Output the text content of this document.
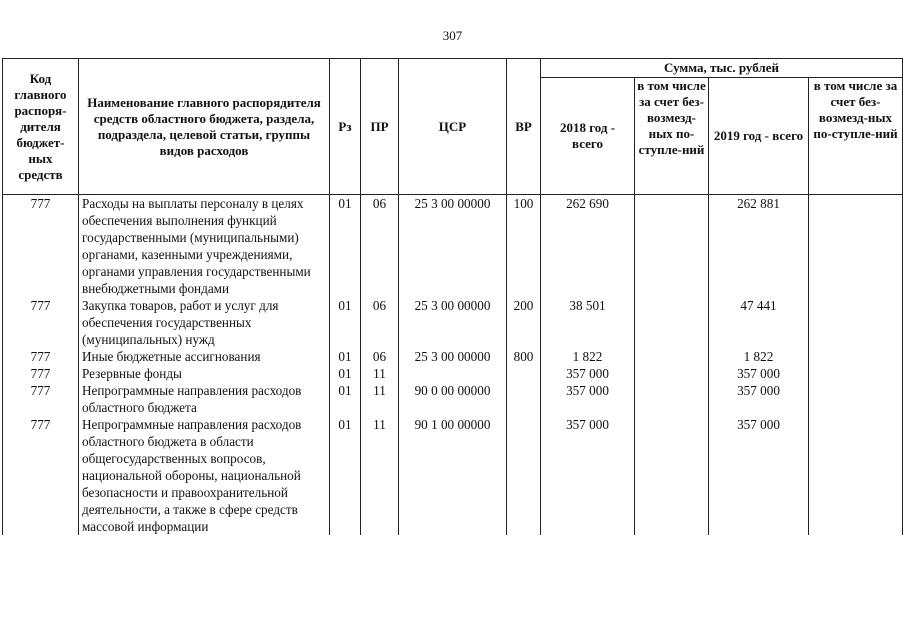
307
Код главного распоря-дителя бюджет-ных средств	Наименование главного распорядителя средств областного бюджета, раздела, подраздела, целевой статьи, группы видов расходов	Рз	ПР	ЦСР	ВР	Сумма, тыс. рублей			
						2018 год - всего	в том числе за счет без-возмезд-ных по-ступле-ний	2019 год - всего	в том числе за счет без-возмезд-ных по-ступле-ний
777	Расходы на выплаты персоналу в целях обеспечения выполнения функций государственными (муниципальными) органами, казенными учреждениями, органами управления государственными внебюджетными фондами	01	06	25 3 00 00000	100	262 690		262 881	
777	Закупка товаров, работ и услуг для обеспечения государственных (муниципальных) нужд	01	06	25 3 00 00000	200	38 501		47 441	
777	Иные бюджетные ассигнования	01	06	25 3 00 00000	800	1 822		1 822	
777	Резервные фонды	01	11			357 000		357 000	
777	Непрограммные направления расходов областного бюджета	01	11	90 0 00 00000		357 000		357 000	
777	Непрограммные направления расходов областного бюджета в области общегосударственных вопросов, национальной обороны, национальной безопасности и правоохранительной деятельности, а также в сфере средств массовой информации	01	11	90 1 00 00000		357 000		357 000	
